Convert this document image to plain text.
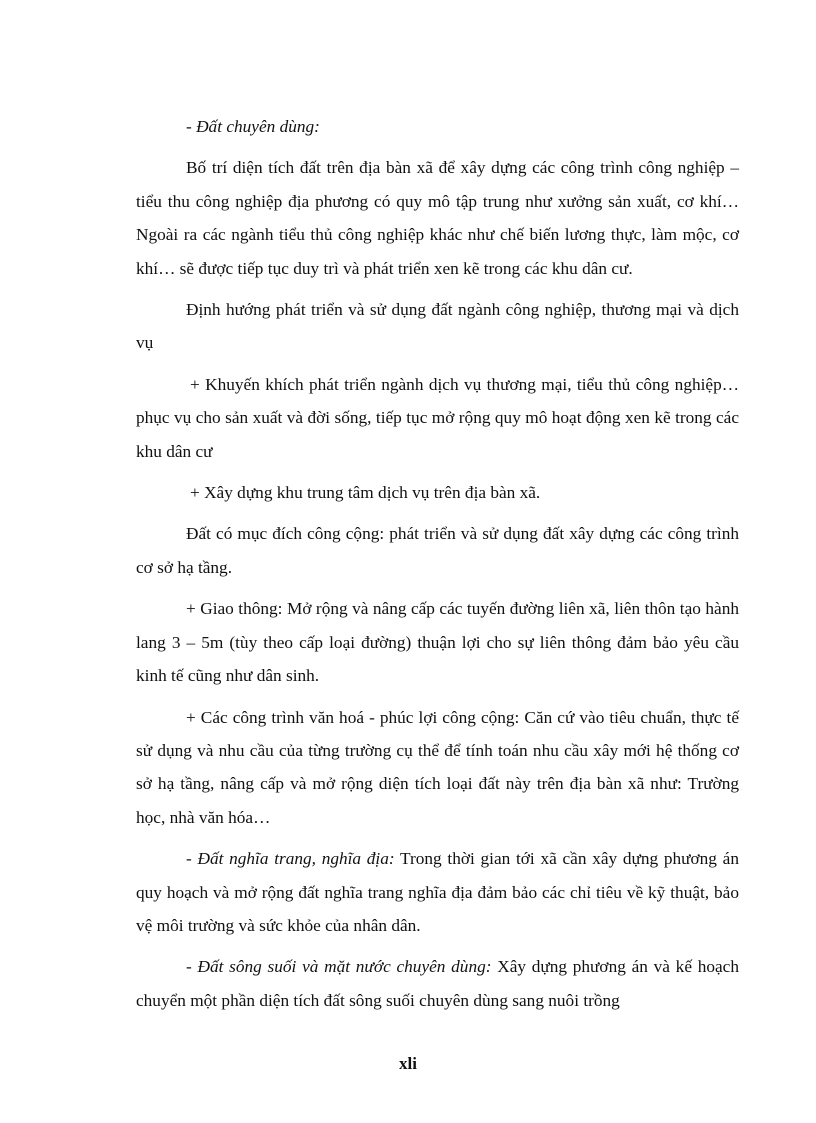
- Đất chuyên dùng:

Bố trí diện tích đất trên địa bàn xã để xây dựng các công trình công nghiệp – tiểu thu công nghiệp địa phương có quy mô tập trung như xưởng sản xuất, cơ khí… Ngoài ra các ngành tiểu thủ công nghiệp khác như chế biến lương thực, làm mộc, cơ khí… sẽ được tiếp tục duy trì và phát triển xen kẽ trong các khu dân cư.

Định hướng phát triển và sử dụng đất ngành công nghiệp, thương mại và dịch vụ

+ Khuyến khích phát triển ngành dịch vụ thương mại, tiểu thủ công nghiệp… phục vụ cho sản xuất và đời sống, tiếp tục mở rộng quy mô hoạt động xen kẽ trong các khu dân cư

+ Xây dựng khu trung tâm dịch vụ trên địa bàn xã.

Đất có mục đích công cộng: phát triển và sử dụng đất xây dựng các công trình cơ sở hạ tầng.

+ Giao thông: Mở rộng và nâng cấp các tuyến đường liên xã, liên thôn tạo hành lang 3 – 5m (tùy theo cấp loại đường) thuận lợi cho sự liên thông đảm bảo yêu cầu kinh tế cũng như dân sinh.

+ Các công trình văn hoá - phúc lợi công cộng: Căn cứ vào tiêu chuẩn, thực tế sử dụng và nhu cầu của từng trường cụ thể để tính toán nhu cầu xây mới hệ thống cơ sở hạ tầng, nâng cấp và mở rộng diện tích loại đất này trên địa bàn xã như: Trường học, nhà văn hóa…

- Đất nghĩa trang, nghĩa địa: Trong thời gian tới xã cần xây dựng phương án quy hoạch và mở rộng đất nghĩa trang nghĩa địa đảm bảo các chỉ tiêu về kỹ thuật, bảo vệ môi trường và sức khỏe của nhân dân.

- Đất sông suối và mặt nước chuyên dùng: Xây dựng phương án và kế hoạch chuyển một phần diện tích đất sông suối chuyên dùng sang nuôi trồng

xli
